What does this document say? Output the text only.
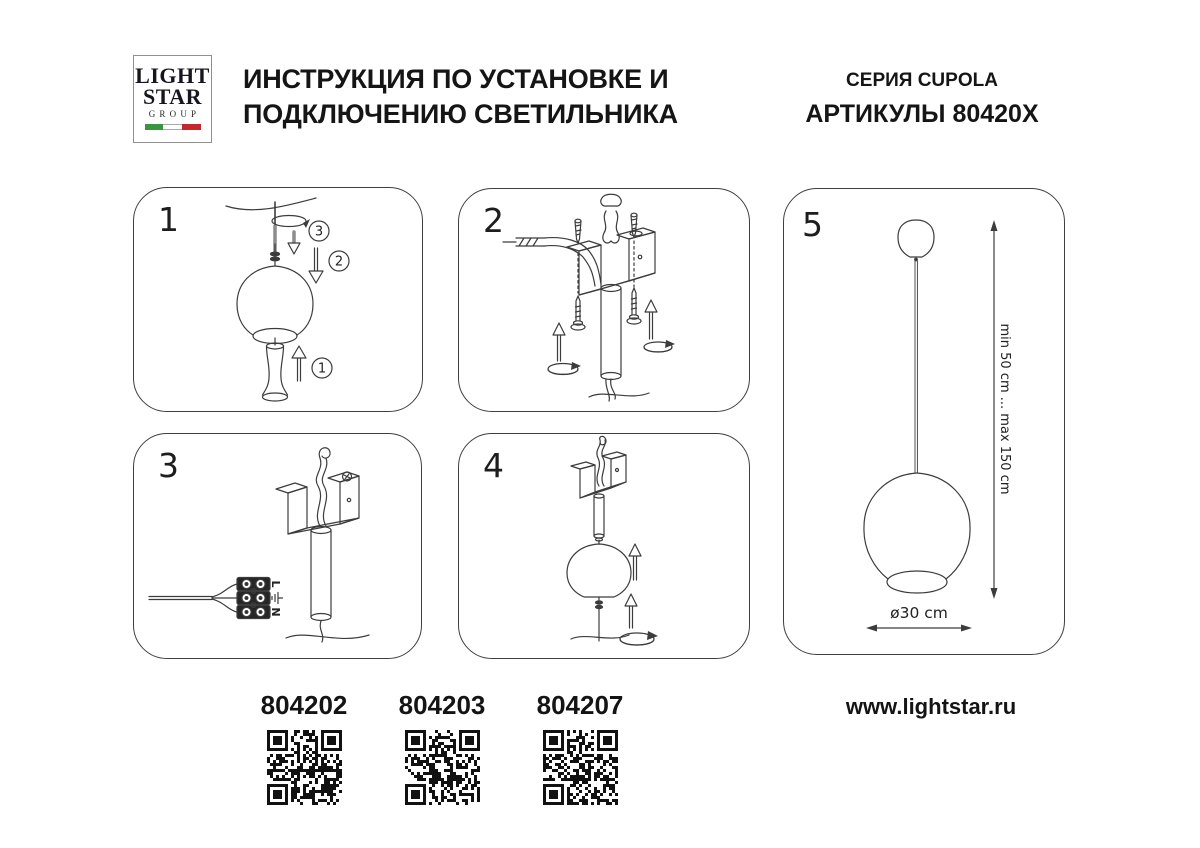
LIGHT
STAR
GROUP
ИНСТРУКЦИЯ ПО УСТАНОВКЕ И
ПОДКЛЮЧЕНИЮ СВЕТИЛЬНИКА
СЕРИЯ CUPOLA
АРТИКУЛЫ 80420X
1	3
2
1
2
3
L
N
4
5
min 50 cm ... max 150 cm
ø30 cm
804202 804203 804207	www.lightstar.ru
